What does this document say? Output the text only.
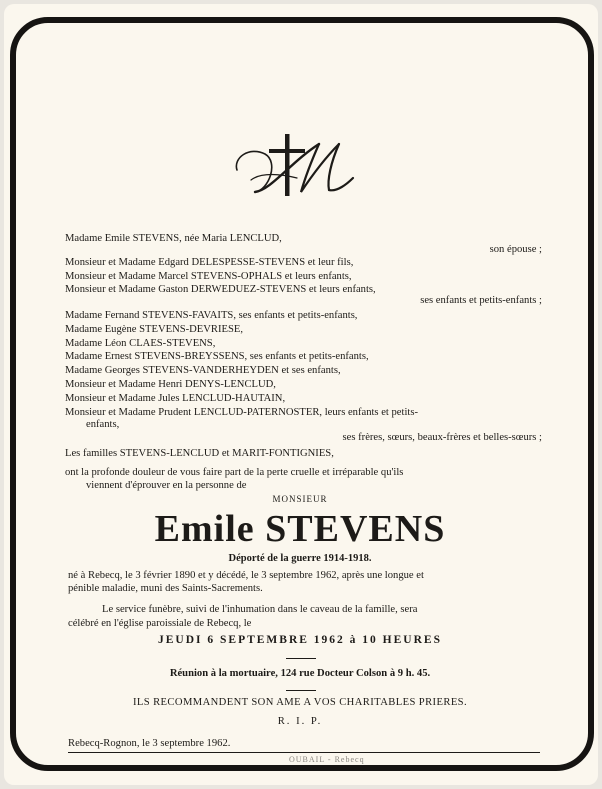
Madame Emile STEVENS, née Maria LENCLUD,
son épouse ;
Monsieur et Madame Edgard DELESPESSE-STEVENS et leur fils,
Monsieur et Madame Marcel STEVENS-OPHALS et leurs enfants,
Monsieur et Madame Gaston DERWEDUEZ-STEVENS et leurs enfants,
ses enfants et petits-enfants ;
Madame Fernand STEVENS-FAVAITS, ses enfants et petits-enfants,
Madame Eugène STEVENS-DEVRIESE,
Madame Léon CLAES-STEVENS,
Madame Ernest STEVENS-BREYSSENS, ses enfants et petits-enfants,
Madame Georges STEVENS-VANDERHEYDEN et ses enfants,
Monsieur et Madame Henri DENYS-LENCLUD,
Monsieur et Madame Jules LENCLUD-HAUTAIN,
Monsieur et Madame Prudent LENCLUD-PATERNOSTER, leurs enfants et petits-
enfants,
ses frères, sœurs, beaux-frères et belles-sœurs ;
Les familles STEVENS-LENCLUD et MARIT-FONTIGNIES,
ont la profonde douleur de vous faire part de la perte cruelle et irréparable qu'ils
viennent d'éprouver en la personne de
MONSIEUR
Emile STEVENS
Déporté de la guerre 1914-1918.
né à Rebecq, le 3 février 1890 et y décédé, le 3 septembre 1962, après une longue et
pénible maladie, muni des Saints-Sacrements.
Le service funèbre, suivi de l'inhumation dans le caveau de la famille, sera
célébré en l'église paroissiale de Rebecq, le
JEUDI 6 SEPTEMBRE 1962 à 10 HEURES
Réunion à la mortuaire, 124 rue Docteur Colson à 9 h. 45.
ILS RECOMMANDENT SON AME A VOS CHARITABLES PRIERES.
R. I. P.
Rebecq-Rognon, le 3 septembre 1962.
OUBAIL - Rebecq
